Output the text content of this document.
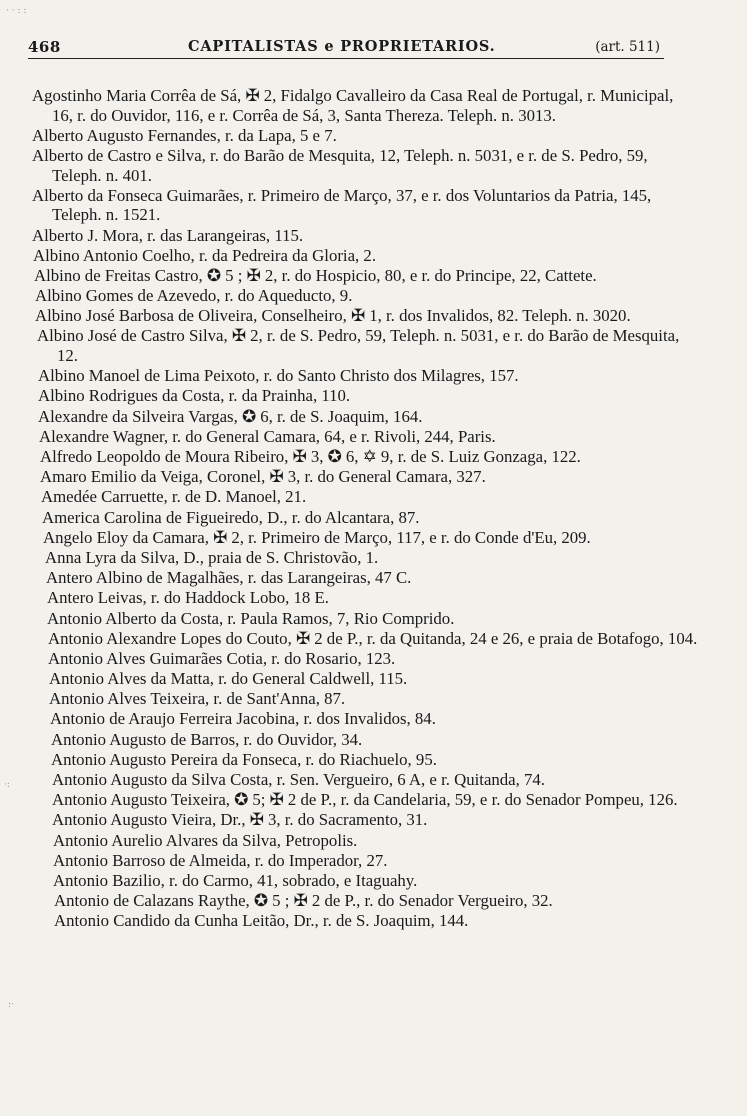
468	CAPITALISTAS e PROPRIETARIOS.	(art. 511)
Agostinho Maria Corrêa de Sá, ✠ 2, Fidalgo Cavalleiro da Casa Real de Portugal, r. Municipal, 16, r. do Ouvidor, 116, e r. Corrêa de Sá, 3, Santa Thereza. Teleph. n. 3013.
Alberto Augusto Fernandes, r. da Lapa, 5 e 7.
Alberto de Castro e Silva, r. do Barão de Mesquita, 12, Teleph. n. 5031, e r. de S. Pedro, 59, Teleph. n. 401.
Alberto da Fonseca Guimarães, r. Primeiro de Março, 37, e r. dos Voluntarios da Patria, 145, Teleph. n. 1521.
Alberto J. Mora, r. das Larangeiras, 115.
Albino Antonio Coelho, r. da Pedreira da Gloria, 2.
Albino de Freitas Castro, ✪ 5 ; ✠ 2, r. do Hospicio, 80, e r. do Principe, 22, Cattete.
Albino Gomes de Azevedo, r. do Aqueducto, 9.
Albino José Barbosa de Oliveira, Conselheiro, ✠ 1, r. dos Invalidos, 82. Teleph. n. 3020.
Albino José de Castro Silva, ✠ 2, r. de S. Pedro, 59, Teleph. n. 5031, e r. do Barão de Mesquita, 12.
Albino Manoel de Lima Peixoto, r. do Santo Christo dos Milagres, 157.
Albino Rodrigues da Costa, r. da Prainha, 110.
Alexandre da Silveira Vargas, ✪ 6, r. de S. Joaquim, 164.
Alexandre Wagner, r. do General Camara, 64, e r. Rivoli, 244, Paris.
Alfredo Leopoldo de Moura Ribeiro, ✠ 3, ✪ 6, ✡ 9, r. de S. Luiz Gonzaga, 122.
Amaro Emilio da Veiga, Coronel, ✠ 3, r. do General Camara, 327.
Amedée Carruette, r. de D. Manoel, 21.
America Carolina de Figueiredo, D., r. do Alcantara, 87.
Angelo Eloy da Camara, ✠ 2, r. Primeiro de Março, 117, e r. do Conde d'Eu, 209.
Anna Lyra da Silva, D., praia de S. Christovão, 1.
Antero Albino de Magalhães, r. das Larangeiras, 47 C.
Antero Leivas, r. do Haddock Lobo, 18 E.
Antonio Alberto da Costa, r. Paula Ramos, 7, Rio Comprido.
Antonio Alexandre Lopes do Couto, ✠ 2 de P., r. da Quitanda, 24 e 26, e praia de Botafogo, 104.
Antonio Alves Guimarães Cotia, r. do Rosario, 123.
Antonio Alves da Matta, r. do General Caldwell, 115.
Antonio Alves Teixeira, r. de Sant'Anna, 87.
Antonio de Araujo Ferreira Jacobina, r. dos Invalidos, 84.
Antonio Augusto de Barros, r. do Ouvidor, 34.
Antonio Augusto Pereira da Fonseca, r. do Riachuelo, 95.
Antonio Augusto da Silva Costa, r. Sen. Vergueiro, 6 A, e r. Quitanda, 74.
Antonio Augusto Teixeira, ✪ 5; ✠ 2 de P., r. da Candelaria, 59, e r. do Senador Pompeu, 126.
Antonio Augusto Vieira, Dr., ✠ 3, r. do Sacramento, 31.
Antonio Aurelio Alvares da Silva, Petropolis.
Antonio Barroso de Almeida, r. do Imperador, 27.
Antonio Bazilio, r. do Carmo, 41, sobrado, e Itaguahy.
Antonio de Calazans Raythe, ✪ 5 ; ✠ 2 de P., r. do Senador Vergueiro, 32.
Antonio Candido da Cunha Leitão, Dr., r. de S. Joaquim, 144.
· · : :
·:
:·
